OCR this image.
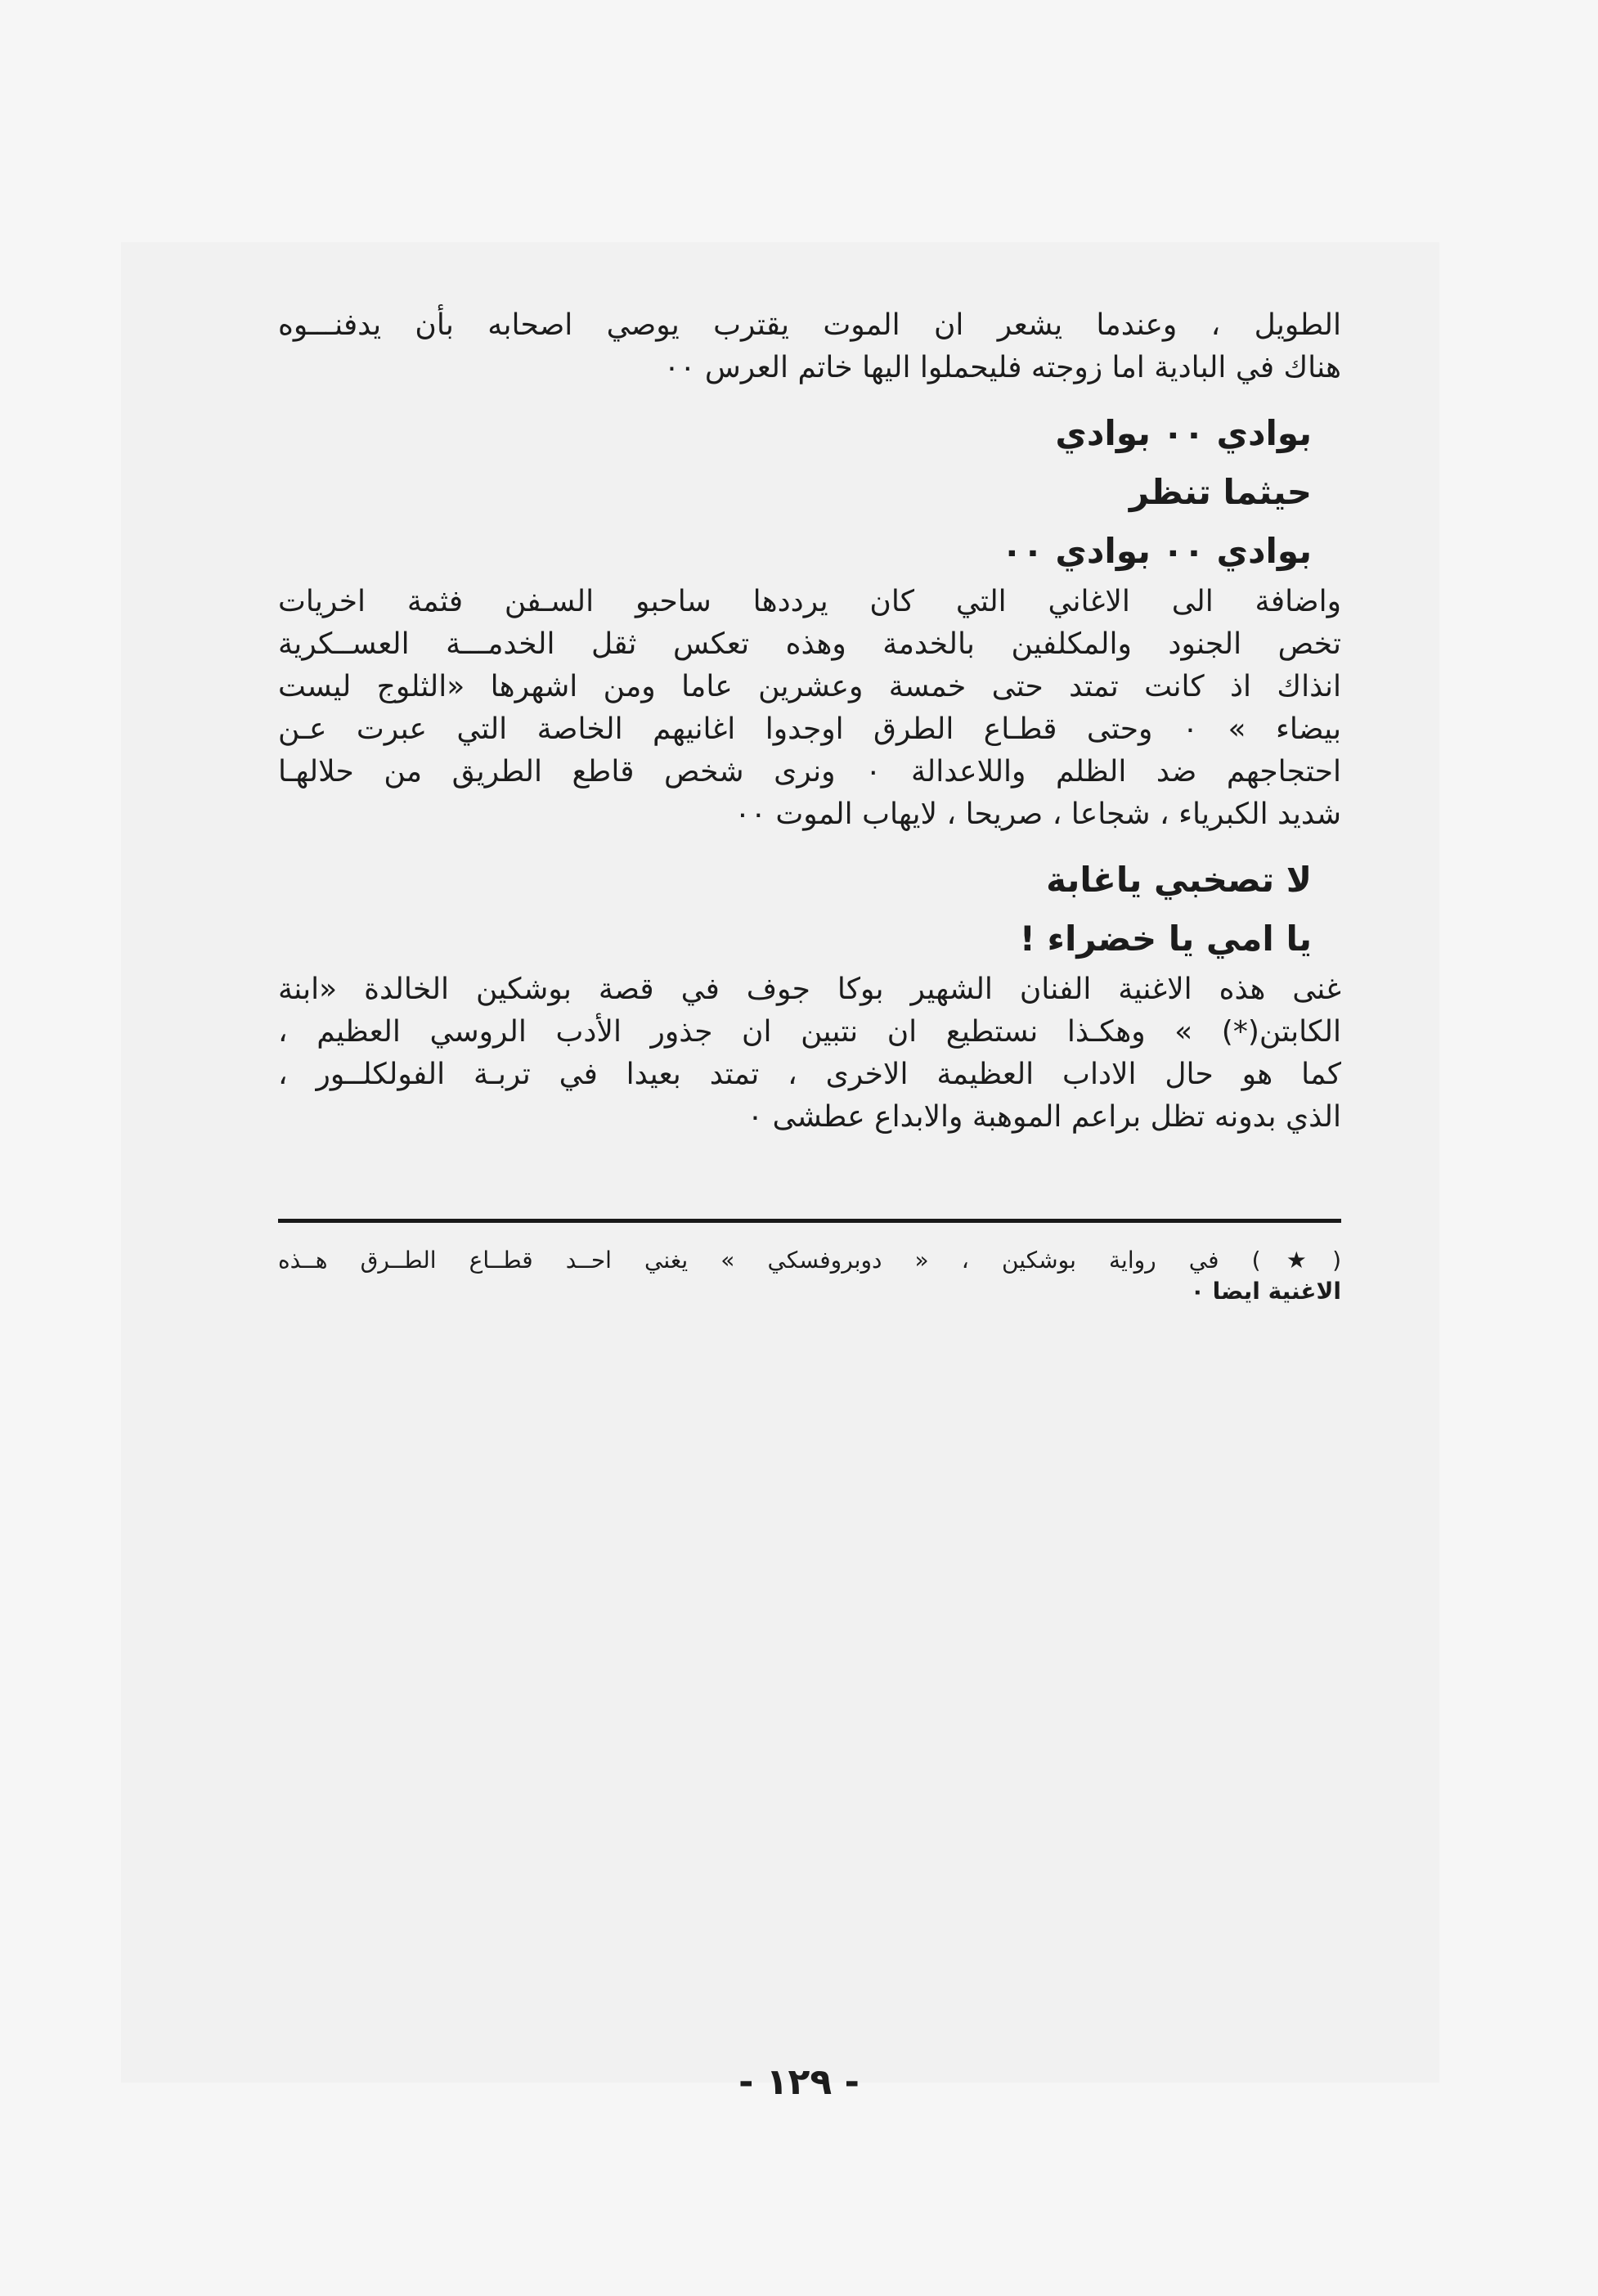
الطويل ، وعندما يشعر ان الموت يقترب يوصي اصحابه بأن يدفنـــوه
هناك في البادية اما زوجته فليحملوا اليها خاتم العرس ٠٠
بوادي ٠٠ بوادي
حيثما تنظر
بوادي ٠٠ بوادي ٠٠
واضافة الى الاغاني التي كان يرددها ساحبو السـفن فثمة اخريات
تخص الجنود والمكلفين بالخدمة وهذه تعكس ثقل الخدمـــة العســكرية
انذاك اذ كانت تمتد حتى خمسة وعشرين عاما ومن اشهرها «الثلوج ليست
بيضاء » ٠ وحتى قطـاع الطرق اوجدوا اغانيهم الخاصة التي عبرت عـن
احتجاجهم ضد الظلم واللاعدالة ٠ ونرى شخص قاطع الطريق من حلالهـا
شديد الكبرياء ، شجاعا ، صريحا ، لايهاب الموت ٠٠
لا تصخبي ياغابة
يا امي يا خضراء !
غنى هذه الاغنية الفنان الشهير بوكا جوف في قصة بوشكين الخالدة «ابنة
الكابتن(*) » وهكـذا نستطيع ان نتبين ان جذور الأدب الروسي العظيم ،
كما هو حال الاداب العظيمة الاخرى ، تمتد بعيدا في تربـة الفولكلــور ،
الذي بدونه تظل براعم الموهبة والابداع عطشى ٠
(★) في رواية بوشكين ، « دوبروفسكي » يغني احــد قطــاع الطــرق هــذه
الاغنية ايضا ٠
- ١٢٩ -
